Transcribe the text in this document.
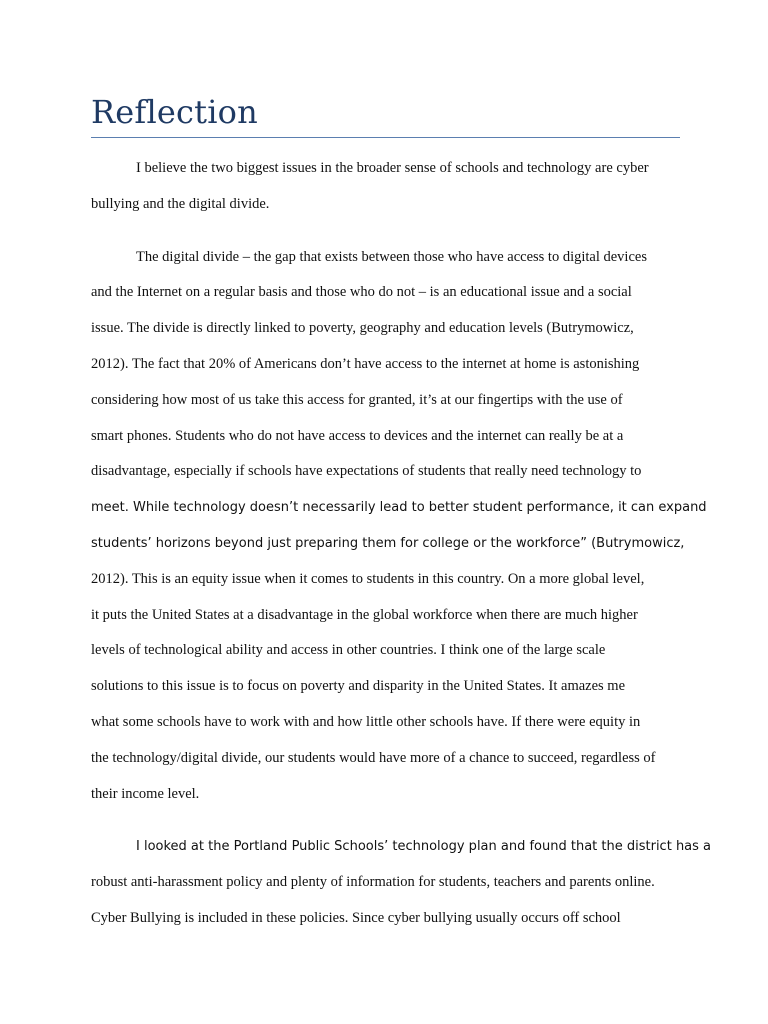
Reflection

I believe the two biggest issues in the broader sense of schools and technology are cyber
bullying and the digital divide.

The digital divide – the gap that exists between those who have access to digital devices
and the Internet on a regular basis and those who do not – is an educational issue and a social
issue. The divide is directly linked to poverty, geography and education levels (Butrymowicz,
2012). The fact that 20% of Americans don’t have access to the internet at home is astonishing
considering how most of us take this access for granted, it’s at our fingertips with the use of
smart phones. Students who do not have access to devices and the internet can really be at a
disadvantage, especially if schools have expectations of students that really need technology to
meet. While technology doesn’t necessarily lead to better student performance, it can expand
students’ horizons beyond just preparing them for college or the workforce” (Butrymowicz,
2012). This is an equity issue when it comes to students in this country. On a more global level,
it puts the United States at a disadvantage in the global workforce when there are much higher
levels of technological ability and access in other countries. I think one of the large scale
solutions to this issue is to focus on poverty and disparity in the United States. It amazes me
what some schools have to work with and how little other schools have. If there were equity in
the technology/digital divide, our students would have more of a chance to succeed, regardless of
their income level.

I looked at the Portland Public Schools’ technology plan and found that the district has a
robust anti-harassment policy and plenty of information for students, teachers and parents online.
Cyber Bullying is included in these policies. Since cyber bullying usually occurs off school
